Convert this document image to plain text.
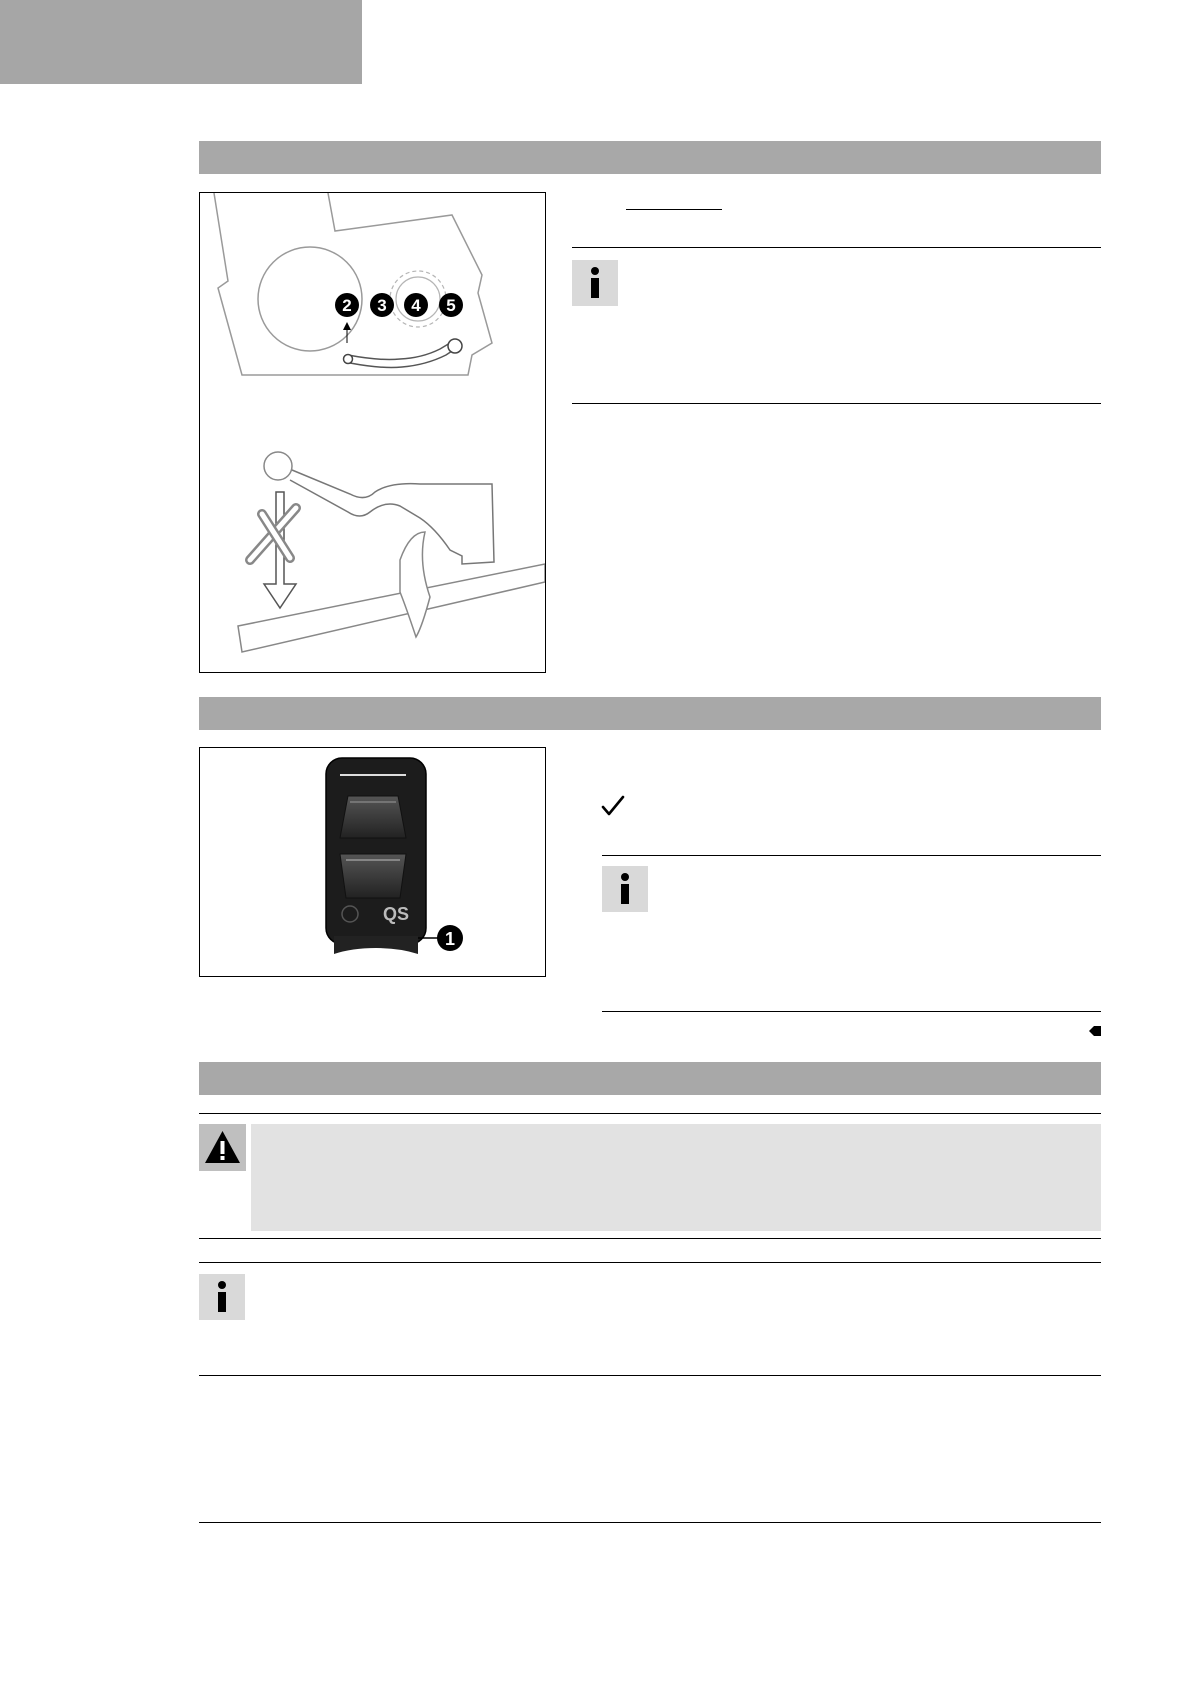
2 3 4 5
QS
1
